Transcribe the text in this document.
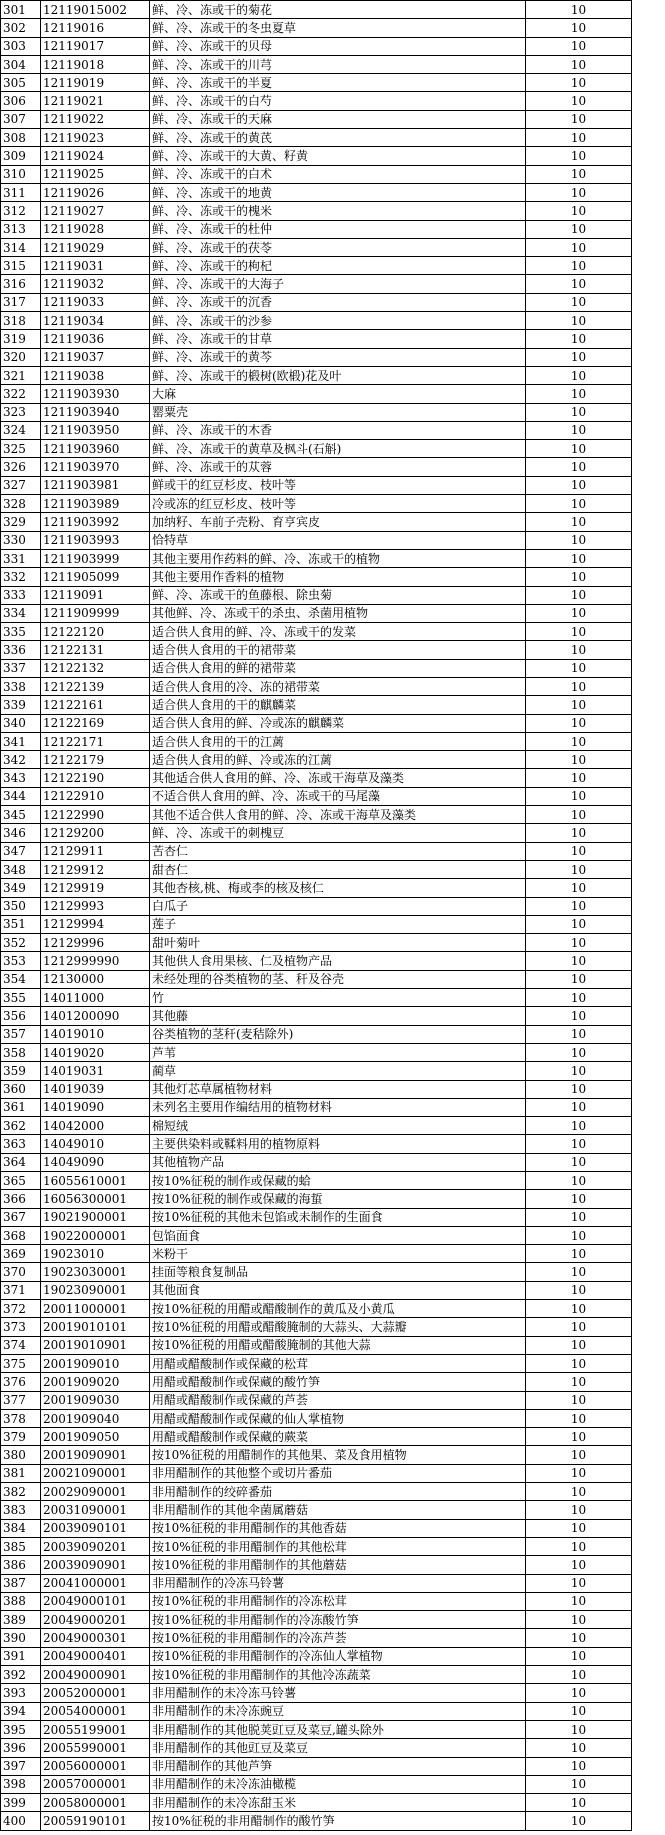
301	12119015002	鲜、冷、冻或干的菊花	10
302	12119016	鲜、冷、冻或干的冬虫夏草	10
303	12119017	鲜、冷、冻或干的贝母	10
304	12119018	鲜、冷、冻或干的川芎	10
305	12119019	鲜、冷、冻或干的半夏	10
306	12119021	鲜、冷、冻或干的白芍	10
307	12119022	鲜、冷、冻或干的天麻	10
308	12119023	鲜、冷、冻或干的黄芪	10
309	12119024	鲜、冷、冻或干的大黄、籽黄	10
310	12119025	鲜、冷、冻或干的白术	10
311	12119026	鲜、冷、冻或干的地黄	10
312	12119027	鲜、冷、冻或干的槐米	10
313	12119028	鲜、冷、冻或干的杜仲	10
314	12119029	鲜、冷、冻或干的茯苓	10
315	12119031	鲜、冷、冻或干的枸杞	10
316	12119032	鲜、冷、冻或干的大海子	10
317	12119033	鲜、冷、冻或干的沉香	10
318	12119034	鲜、冷、冻或干的沙参	10
319	12119036	鲜、冷、冻或干的甘草	10
320	12119037	鲜、冷、冻或干的黄芩	10
321	12119038	鲜、冷、冻或干的椴树(欧椴)花及叶	10
322	1211903930	大麻	10
323	1211903940	罂粟壳	10
324	1211903950	鲜、冷、冻或干的木香	10
325	1211903960	鲜、冷、冻或干的黄草及枫斗(石斛)	10
326	1211903970	鲜、冷、冻或干的苁蓉	10
327	1211903981	鲜或干的红豆杉皮、枝叶等	10
328	1211903989	冷或冻的红豆杉皮、枝叶等	10
329	1211903992	加纳籽、车前子壳粉、育亨宾皮	10
330	1211903993	恰特草	10
331	1211903999	其他主要用作药料的鲜、冷、冻或干的植物	10
332	1211905099	其他主要用作香料的植物	10
333	12119091	鲜、冷、冻或干的鱼藤根、除虫菊	10
334	1211909999	其他鲜、冷、冻或干的杀虫、杀菌用植物	10
335	12122120	适合供人食用的鲜、冷、冻或干的发菜	10
336	12122131	适合供人食用的干的裙带菜	10
337	12122132	适合供人食用的鲜的裙带菜	10
338	12122139	适合供人食用的冷、冻的裙带菜	10
339	12122161	适合供人食用的干的麒麟菜	10
340	12122169	适合供人食用的鲜、冷或冻的麒麟菜	10
341	12122171	适合供人食用的干的江蓠	10
342	12122179	适合供人食用的鲜、冷或冻的江蓠	10
343	12122190	其他适合供人食用的鲜、冷、冻或干海草及藻类	10
344	12122910	不适合供人食用的鲜、冷、冻或干的马尾藻	10
345	12122990	其他不适合供人食用的鲜、冷、冻或干海草及藻类	10
346	12129200	鲜、冷、冻或干的刺槐豆	10
347	12129911	苦杏仁	10
348	12129912	甜杏仁	10
349	12129919	其他杏核,桃、梅或李的核及核仁	10
350	12129993	白瓜子	10
351	12129994	莲子	10
352	12129996	甜叶菊叶	10
353	1212999990	其他供人食用果核、仁及植物产品	10
354	12130000	未经处理的谷类植物的茎、秆及谷壳	10
355	14011000	竹	10
356	1401200090	其他藤	10
357	14019010	谷类植物的茎秆(麦秸除外)	10
358	14019020	芦苇	10
359	14019031	蔺草	10
360	14019039	其他灯芯草属植物材料	10
361	14019090	未列名主要用作编结用的植物材料	10
362	14042000	棉短绒	10
363	14049010	主要供染料或鞣料用的植物原料	10
364	14049090	其他植物产品	10
365	16055610001	按10%征税的制作或保藏的蛤	10
366	16056300001	按10%征税的制作或保藏的海蜇	10
367	19021900001	按10%征税的其他未包馅或未制作的生面食	10
368	19022000001	包馅面食	10
369	19023010	米粉干	10
370	19023030001	挂面等粮食复制品	10
371	19023090001	其他面食	10
372	20011000001	按10%征税的用醋或醋酸制作的黄瓜及小黄瓜	10
373	20019010101	按10%征税的用醋或醋酸腌制的大蒜头、大蒜瓣	10
374	20019010901	按10%征税的用醋或醋酸腌制的其他大蒜	10
375	2001909010	用醋或醋酸制作或保藏的松茸	10
376	2001909020	用醋或醋酸制作或保藏的酸竹笋	10
377	2001909030	用醋或醋酸制作或保藏的芦荟	10
378	2001909040	用醋或醋酸制作或保藏的仙人掌植物	10
379	2001909050	用醋或醋酸制作或保藏的蕨菜	10
380	20019090901	按10%征税的用醋制作的其他果、菜及食用植物	10
381	20021090001	非用醋制作的其他整个或切片番茄	10
382	20029090001	非用醋制作的绞碎番茄	10
383	20031090001	非用醋制作的其他伞菌属蘑菇	10
384	20039090101	按10%征税的非用醋制作的其他香菇	10
385	20039090201	按10%征税的非用醋制作的其他松茸	10
386	20039090901	按10%征税的非用醋制作的其他蘑菇	10
387	20041000001	非用醋制作的冷冻马铃薯	10
388	20049000101	按10%征税的非用醋制作的冷冻松茸	10
389	20049000201	按10%征税的非用醋制作的冷冻酸竹笋	10
390	20049000301	按10%征税的非用醋制作的冷冻芦荟	10
391	20049000401	按10%征税的非用醋制作的冷冻仙人掌植物	10
392	20049000901	按10%征税的非用醋制作的其他冷冻蔬菜	10
393	20052000001	非用醋制作的未冷冻马铃薯	10
394	20054000001	非用醋制作的未冷冻豌豆	10
395	20055199001	非用醋制作的其他脱荚豇豆及菜豆,罐头除外	10
396	20055990001	非用醋制作的其他豇豆及菜豆	10
397	20056000001	非用醋制作的其他芦笋	10
398	20057000001	非用醋制作的未冷冻油橄榄	10
399	20058000001	非用醋制作的未冷冻甜玉米	10
400	20059190101	按10%征税的非用醋制作的酸竹笋	10
